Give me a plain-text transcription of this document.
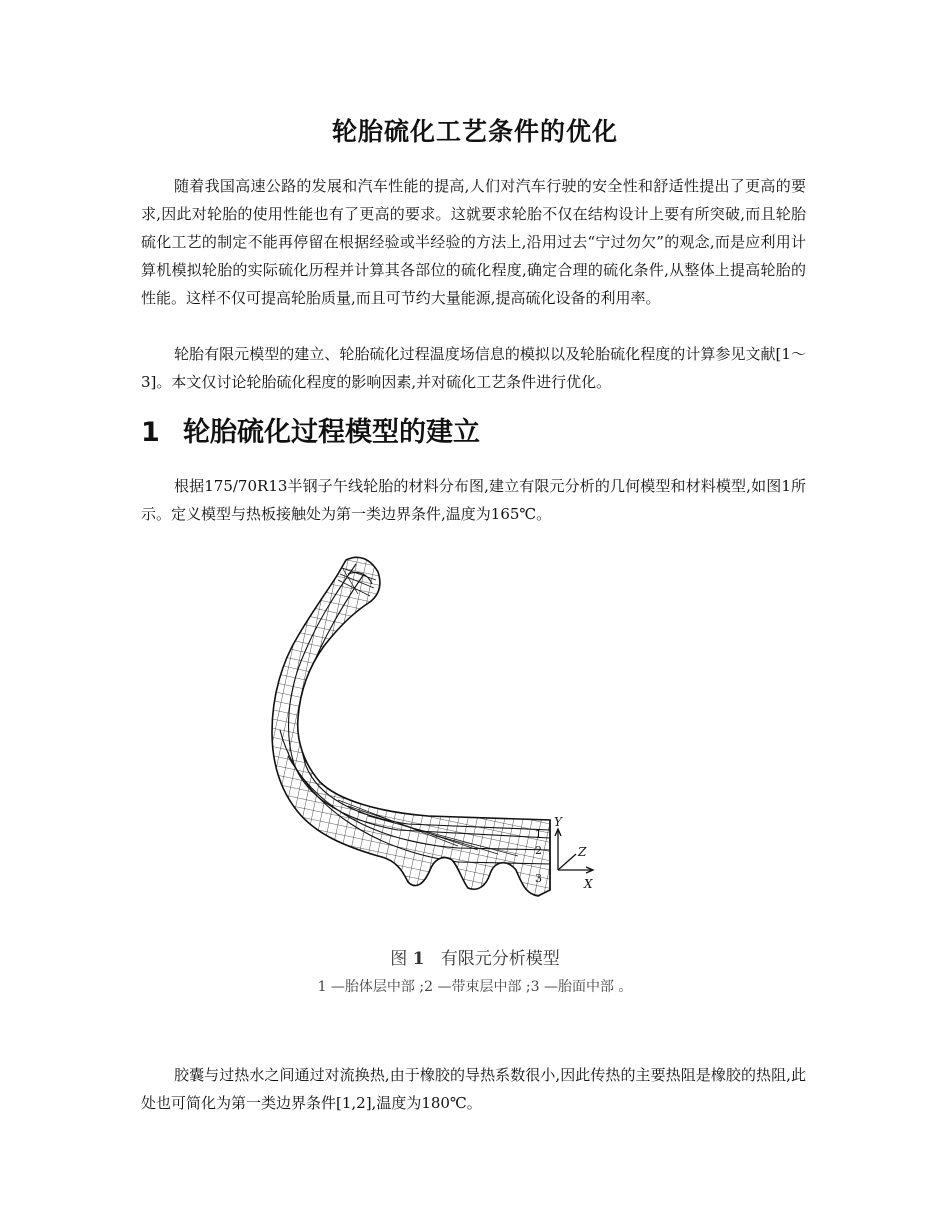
轮胎硫化工艺条件的优化

随着我国高速公路的发展和汽车性能的提高,人们对汽车行驶的安全性和舒适性提出了更高的要求,因此对轮胎的使用性能也有了更高的要求。这就要求轮胎不仅在结构设计上要有所突破,而且轮胎硫化工艺的制定不能再停留在根据经验或半经验的方法上,沿用过去“宁过勿欠”的观念,而是应利用计算机模拟轮胎的实际硫化历程并计算其各部位的硫化程度,确定合理的硫化条件,从整体上提高轮胎的性能。这样不仅可提高轮胎质量,而且可节约大量能源,提高硫化设备的利用率。

轮胎有限元模型的建立、轮胎硫化过程温度场信息的模拟以及轮胎硫化程度的计算参见文献[1～3]。本文仅讨论轮胎硫化程度的影响因素,并对硫化工艺条件进行优化。

1 轮胎硫化过程模型的建立

根据175/70R13半钢子午线轮胎的材料分布图,建立有限元分析的几何模型和材料模型,如图1所示。定义模型与热板接触处为第一类边界条件,温度为165℃。

1
2
3
Y
Z
X
图 1 有限元分析模型
1 —胎体层中部 ;2 —带束层中部 ;3 —胎面中部 。

胶囊与过热水之间通过对流换热,由于橡胶的导热系数很小,因此传热的主要热阻是橡胶的热阻,此处也可简化为第一类边界条件[1,2],温度为180℃。
